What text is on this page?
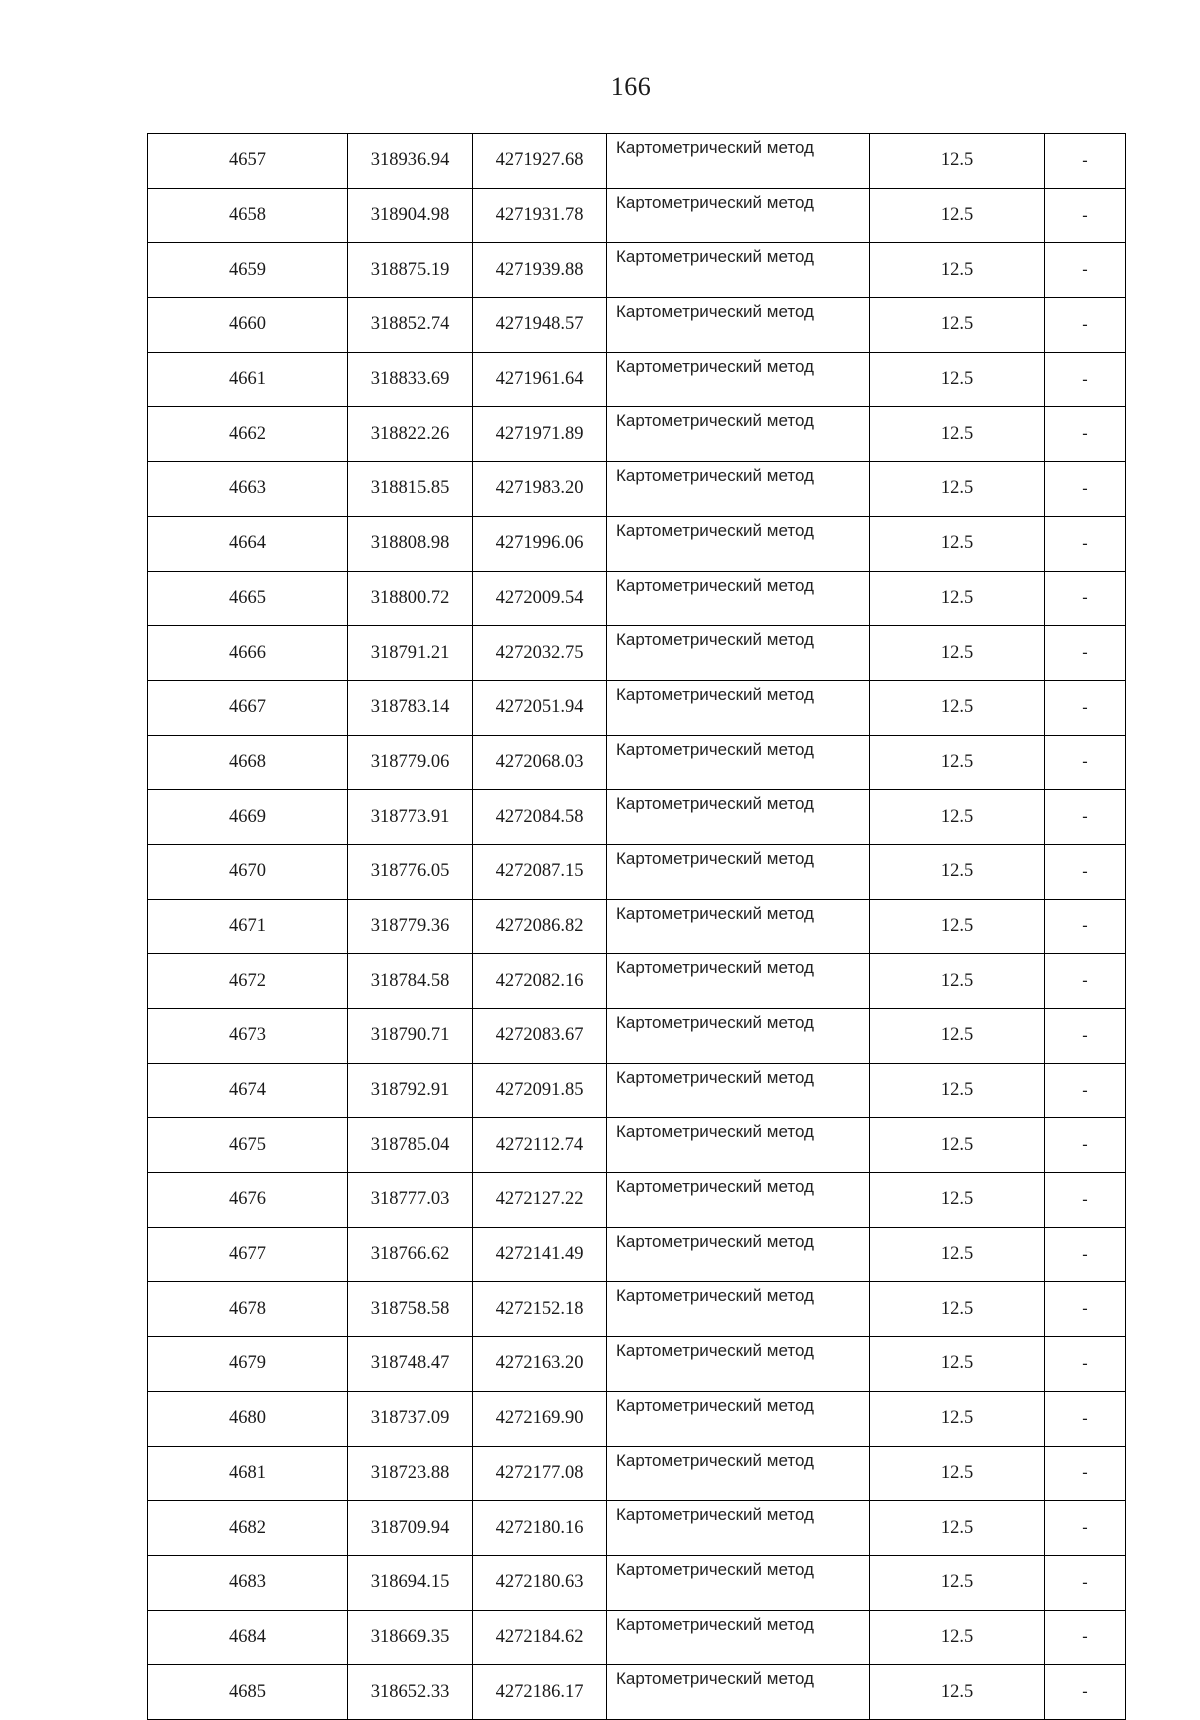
166
4657	318936.94	4271927.68	Картометрический метод	12.5	-
4658	318904.98	4271931.78	Картометрический метод	12.5	-
4659	318875.19	4271939.88	Картометрический метод	12.5	-
4660	318852.74	4271948.57	Картометрический метод	12.5	-
4661	318833.69	4271961.64	Картометрический метод	12.5	-
4662	318822.26	4271971.89	Картометрический метод	12.5	-
4663	318815.85	4271983.20	Картометрический метод	12.5	-
4664	318808.98	4271996.06	Картометрический метод	12.5	-
4665	318800.72	4272009.54	Картометрический метод	12.5	-
4666	318791.21	4272032.75	Картометрический метод	12.5	-
4667	318783.14	4272051.94	Картометрический метод	12.5	-
4668	318779.06	4272068.03	Картометрический метод	12.5	-
4669	318773.91	4272084.58	Картометрический метод	12.5	-
4670	318776.05	4272087.15	Картометрический метод	12.5	-
4671	318779.36	4272086.82	Картометрический метод	12.5	-
4672	318784.58	4272082.16	Картометрический метод	12.5	-
4673	318790.71	4272083.67	Картометрический метод	12.5	-
4674	318792.91	4272091.85	Картометрический метод	12.5	-
4675	318785.04	4272112.74	Картометрический метод	12.5	-
4676	318777.03	4272127.22	Картометрический метод	12.5	-
4677	318766.62	4272141.49	Картометрический метод	12.5	-
4678	318758.58	4272152.18	Картометрический метод	12.5	-
4679	318748.47	4272163.20	Картометрический метод	12.5	-
4680	318737.09	4272169.90	Картометрический метод	12.5	-
4681	318723.88	4272177.08	Картометрический метод	12.5	-
4682	318709.94	4272180.16	Картометрический метод	12.5	-
4683	318694.15	4272180.63	Картометрический метод	12.5	-
4684	318669.35	4272184.62	Картометрический метод	12.5	-
4685	318652.33	4272186.17	Картометрический метод	12.5	-
